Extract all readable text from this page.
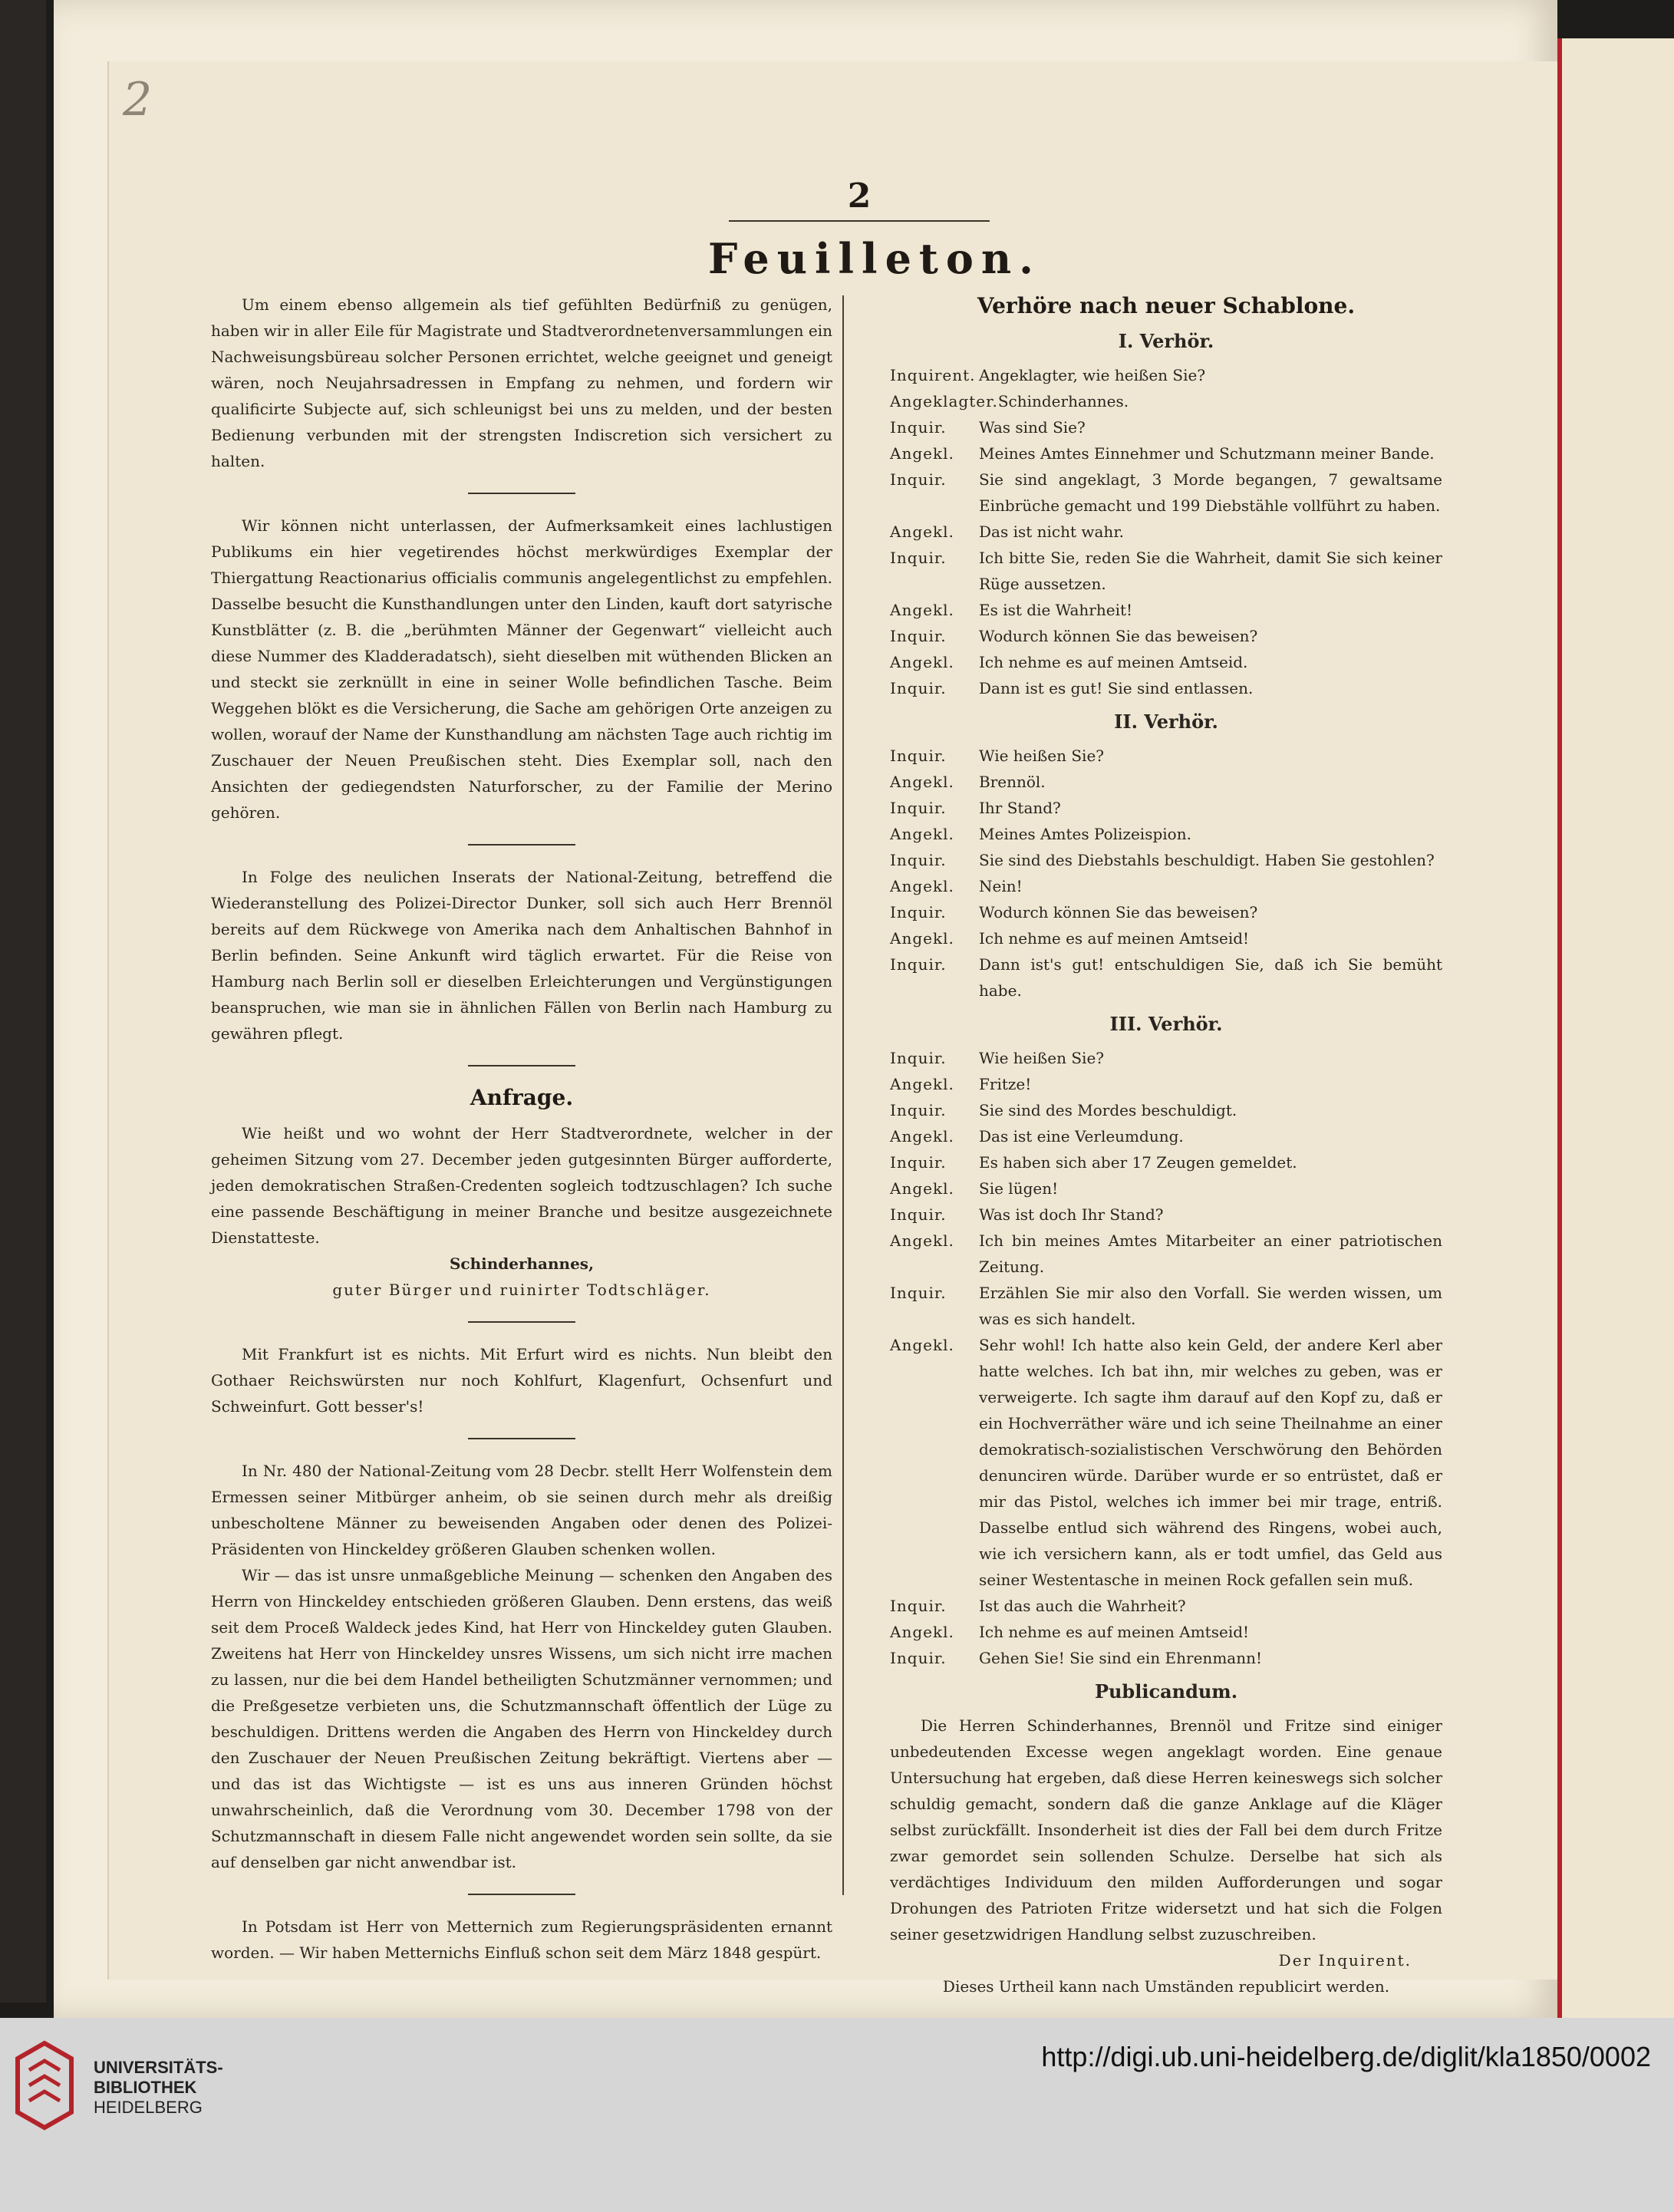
2
2
Feuilleton.

Um einem ebenso allgemein als tief gefühlten Bedürfniß zu genügen, haben wir in aller Eile für Magistrate und Stadtverordnetenversammlungen ein Nachweisungsbüreau solcher Personen errichtet, welche geeignet und geneigt wären, noch Neujahrsadressen in Empfang zu nehmen, und fordern wir qualificirte Subjecte auf, sich schleunigst bei uns zu melden, und der besten Bedienung verbunden mit der strengsten Indiscretion sich versichert zu halten.

Wir können nicht unterlassen, der Aufmerksamkeit eines lachlustigen Publikums ein hier vegetirendes höchst merkwürdiges Exemplar der Thiergattung Reactionarius officialis communis angelegentlichst zu empfehlen. Dasselbe besucht die Kunsthandlungen unter den Linden, kauft dort satyrische Kunstblätter (z. B. die „berühmten Männer der Gegenwart“ vielleicht auch diese Nummer des Kladderadatsch), sieht dieselben mit wüthenden Blicken an und steckt sie zerknüllt in eine in seiner Wolle befindlichen Tasche. Beim Weggehen blökt es die Versicherung, die Sache am gehörigen Orte anzeigen zu wollen, worauf der Name der Kunsthandlung am nächsten Tage auch richtig im Zuschauer der Neuen Preußischen steht. Dies Exemplar soll, nach den Ansichten der gediegendsten Naturforscher, zu der Familie der Merino gehören.

In Folge des neulichen Inserats der National-Zeitung, betreffend die Wiederanstellung des Polizei-Director Dunker, soll sich auch Herr Brennöl bereits auf dem Rückwege von Amerika nach dem Anhaltischen Bahnhof in Berlin befinden. Seine Ankunft wird täglich erwartet. Für die Reise von Hamburg nach Berlin soll er dieselben Erleichterungen und Vergünstigungen beanspruchen, wie man sie in ähnlichen Fällen von Berlin nach Hamburg zu gewähren pflegt.

Anfrage.

Wie heißt und wo wohnt der Herr Stadtverordnete, welcher in der geheimen Sitzung vom 27. December jeden gutgesinnten Bürger aufforderte, jeden demokratischen Straßen-Credenten sogleich todtzuschlagen? Ich suche eine passende Beschäftigung in meiner Branche und besitze ausgezeichnete Dienstatteste.

Schinderhannes,
guter Bürger und ruinirter Todtschläger.

Mit Frankfurt ist es nichts. Mit Erfurt wird es nichts. Nun bleibt den Gothaer Reichswürsten nur noch Kohlfurt, Klagenfurt, Ochsenfurt und Schweinfurt. Gott besser's!

In Nr. 480 der National-Zeitung vom 28 Decbr. stellt Herr Wolfenstein dem Ermessen seiner Mitbürger anheim, ob sie seinen durch mehr als dreißig unbescholtene Männer zu beweisenden Angaben oder denen des Polizei-Präsidenten von Hinckeldey größeren Glauben schenken wollen.

Wir — das ist unsre unmaßgebliche Meinung — schenken den Angaben des Herrn von Hinckeldey entschieden größeren Glauben. Denn erstens, das weiß seit dem Proceß Waldeck jedes Kind, hat Herr von Hinckeldey guten Glauben. Zweitens hat Herr von Hinckeldey unsres Wissens, um sich nicht irre machen zu lassen, nur die bei dem Handel betheiligten Schutzmänner vernommen; und die Preßgesetze verbieten uns, die Schutzmannschaft öffentlich der Lüge zu beschuldigen. Drittens werden die Angaben des Herrn von Hinckeldey durch den Zuschauer der Neuen Preußischen Zeitung bekräftigt. Viertens aber — und das ist das Wichtigste — ist es uns aus inneren Gründen höchst unwahrscheinlich, daß die Verordnung vom 30. December 1798 von der Schutzmannschaft in diesem Falle nicht angewendet worden sein sollte, da sie auf denselben gar nicht anwendbar ist.

In Potsdam ist Herr von Metternich zum Regierungspräsidenten ernannt worden. — Wir haben Metternichs Einfluß schon seit dem März 1848 gespürt.

Verhöre nach neuer Schablone.
I. Verhör.
Inquirent. Angeklagter, wie heißen Sie?
Angeklagter. Schinderhannes.
Inquir.	Was sind Sie?
Angekl.	Meines Amtes Einnehmer und Schutzmann meiner Bande.
Inquir.	Sie sind angeklagt, 3 Morde begangen, 7 gewaltsame Einbrüche gemacht und 199 Diebstähle vollführt zu haben.
Angekl.	Das ist nicht wahr.
Inquir.	Ich bitte Sie, reden Sie die Wahrheit, damit Sie sich keiner Rüge aussetzen.
Angekl.	Es ist die Wahrheit!
Inquir.	Wodurch können Sie das beweisen?
Angekl.	Ich nehme es auf meinen Amtseid.
Inquir.	Dann ist es gut! Sie sind entlassen.
II. Verhör.
Inquir.	Wie heißen Sie?
Angekl.	Brennöl.
Inquir.	Ihr Stand?
Angekl.	Meines Amtes Polizeispion.
Inquir.	Sie sind des Diebstahls beschuldigt. Haben Sie gestohlen?
Angekl.	Nein!
Inquir.	Wodurch können Sie das beweisen?
Angekl.	Ich nehme es auf meinen Amtseid!
Inquir.	Dann ist's gut! entschuldigen Sie, daß ich Sie bemüht habe.
III. Verhör.
Inquir.	Wie heißen Sie?
Angekl.	Fritze!
Inquir.	Sie sind des Mordes beschuldigt.
Angekl.	Das ist eine Verleumdung.
Inquir.	Es haben sich aber 17 Zeugen gemeldet.
Angekl.	Sie lügen!
Inquir.	Was ist doch Ihr Stand?
Angekl.	Ich bin meines Amtes Mitarbeiter an einer patriotischen Zeitung.
Inquir.	Erzählen Sie mir also den Vorfall. Sie werden wissen, um was es sich handelt.
Angekl.	Sehr wohl! Ich hatte also kein Geld, der andere Kerl aber hatte welches. Ich bat ihn, mir welches zu geben, was er verweigerte. Ich sagte ihm darauf auf den Kopf zu, daß er ein Hochverräther wäre und ich seine Theilnahme an einer demokratisch-sozialistischen Verschwörung den Behörden denunciren würde. Darüber wurde er so entrüstet, daß er mir das Pistol, welches ich immer bei mir trage, entriß. Dasselbe entlud sich während des Ringens, wobei auch, wie ich versichern kann, als er todt umfiel, das Geld aus seiner Westentasche in meinen Rock gefallen sein muß.
Inquir.	Ist das auch die Wahrheit?
Angekl.	Ich nehme es auf meinen Amtseid!
Inquir.	Gehen Sie! Sie sind ein Ehrenmann!
Publicandum.

Die Herren Schinderhannes, Brennöl und Fritze sind einiger unbedeutenden Excesse wegen angeklagt worden. Eine genaue Untersuchung hat ergeben, daß diese Herren keineswegs sich solcher schuldig gemacht, sondern daß die ganze Anklage auf die Kläger selbst zurückfällt. Insonderheit ist dies der Fall bei dem durch Fritze zwar gemordet sein sollenden Schulze. Derselbe hat sich als verdächtiges Individuum den milden Aufforderungen und sogar Drohungen des Patrioten Fritze widersetzt und hat sich die Folgen seiner gesetzwidrigen Handlung selbst zuzuschreiben.

Der Inquirent.
Dieses Urtheil kann nach Umständen republicirt werden.
UNIVERSITÄTS-
BIBLIOTHEK
HEIDELBERG
http://digi.ub.uni-heidelberg.de/diglit/kla1850/0002
